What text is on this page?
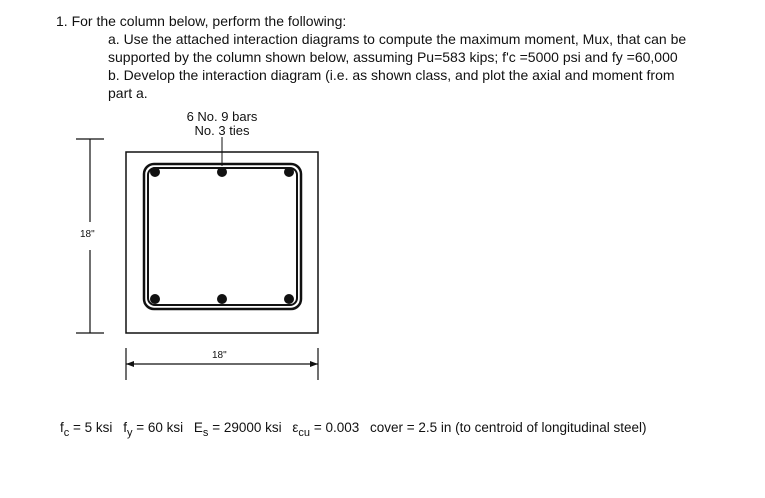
1. For the column below, perform the following:
a. Use the attached interaction diagrams to compute the maximum moment, Mux, that can be
supported by the column shown below, assuming Pu=583 kips; f'c =5000 psi and fy =60,000
b. Develop the interaction diagram (i.e. as shown class, and plot the axial and moment from
part a.
6 No. 9 bars
No. 3 ties
18"
18"
$f_c = 5$ ksi $f_y = 60$ ksi $E_s = 29000$ ksi $\varepsilon_{cu} = 0.003$ cover = 2.5 in (to centroid of longitudinal steel)
